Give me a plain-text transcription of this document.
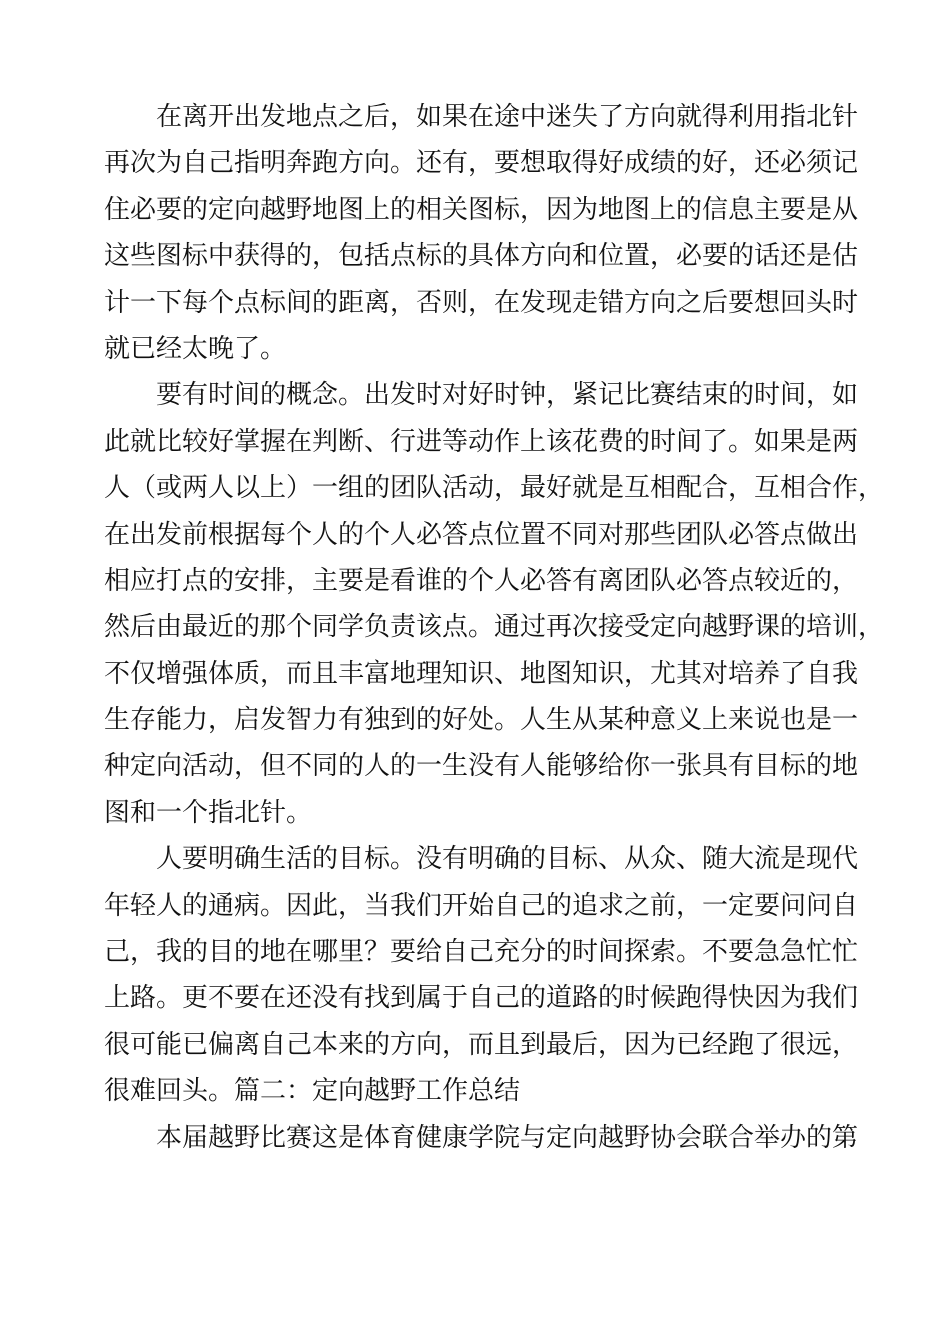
在离开出发地点之后，如果在途中迷失了方向就得利用指北针
再次为自己指明奔跑方向。还有，要想取得好成绩的好，还必须记
住必要的定向越野地图上的相关图标，因为地图上的信息主要是从
这些图标中获得的，包括点标的具体方向和位置，必要的话还是估
计一下每个点标间的距离，否则，在发现走错方向之后要想回头时
就已经太晚了。
要有时间的概念。出发时对好时钟，紧记比赛结束的时间，如
此就比较好掌握在判断、行进等动作上该花费的时间了。如果是两
人（或两人以上）一组的团队活动，最好就是互相配合，互相合作，
在出发前根据每个人的个人必答点位置不同对那些团队必答点做出
相应打点的安排，主要是看谁的个人必答有离团队必答点较近的，
然后由最近的那个同学负责该点。通过再次接受定向越野课的培训，
不仅增强体质，而且丰富地理知识、地图知识，尤其对培养了自我
生存能力，启发智力有独到的好处。人生从某种意义上来说也是一
种定向活动，但不同的人的一生没有人能够给你一张具有目标的地
图和一个指北针。
人要明确生活的目标。没有明确的目标、从众、随大流是现代
年轻人的通病。因此，当我们开始自己的追求之前，一定要问问自
己，我的目的地在哪里？要给自己充分的时间探索。不要急急忙忙
上路。更不要在还没有找到属于自己的道路的时候跑得快因为我们
很可能已偏离自己本来的方向，而且到最后，因为已经跑了很远，
很难回头。篇二：定向越野工作总结
本届越野比赛这是体育健康学院与定向越野协会联合举办的第
